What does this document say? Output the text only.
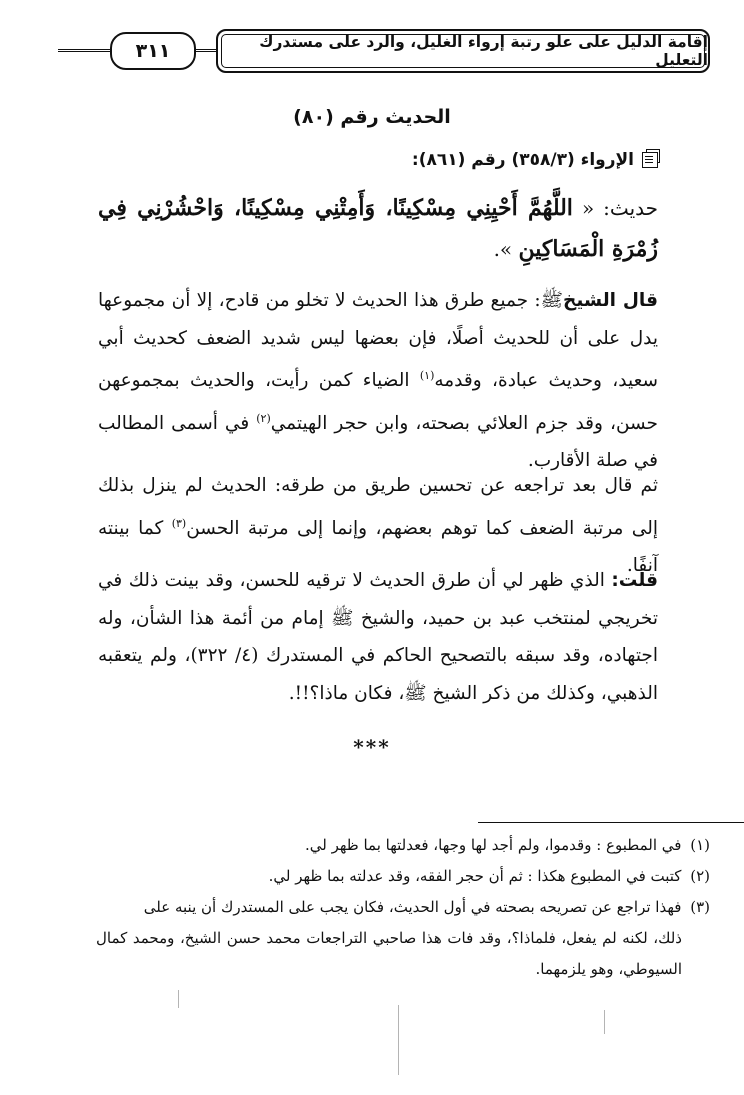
٣١١	إقامة الدليل على علو رتبة إرواء الغليل، والرد على مستدرك التعليل
الحديث رقم (٨٠)
الإرواء (٣٥٨/٣) رقم (٨٦١):
حديث: « اللَّهُمَّ أَحْيِنِي مِسْكِينًا، وَأَمِتْنِي مِسْكِينًا، وَاحْشُرْنِي فِي زُمْرَةِ الْمَسَاكِينِ ».
قال الشيخﷺ: جميع طرق هذا الحديث لا تخلو من قادح، إلا أن مجموعها يدل على أن للحديث أصلًا، فإن بعضها ليس شديد الضعف كحديث أبي سعيد، وحديث عبادة، وقدمه$^{(١)}$ الضياء كمن رأيت، والحديث بمجموعهن حسن، وقد جزم العلائي بصحته، وابن حجر الهيتمي$^{(٢)}$ في أسمى المطالب في صلة الأقارب.
ثم قال بعد تراجعه عن تحسين طريق من طرقه: الحديث لم ينزل بذلك إلى مرتبة الضعف كما توهم بعضهم، وإنما إلى مرتبة الحسن$^{(٣)}$ كما بينته آنفًا.
قلت: الذي ظهر لي أن طرق الحديث لا ترقيه للحسن، وقد بينت ذلك في تخريجي لمنتخب عبد بن حميد، والشيخ ﷺ إمام من أئمة هذا الشأن، وله اجتهاده، وقد سبقه بالتصحيح الحاكم في المستدرك (٤/ ٣٢٢)، ولم يتعقبه الذهبي، وكذلك من ذكر الشيخ ﷺ، فكان ماذا؟!!.
***

(١) في المطبوع : وقدموا، ولم أجد لها وجها، فعدلتها بما ظهر لي.

(٢) كتبت في المطبوع هكذا : ثم أن حجر الفقه، وقد عدلته بما ظهر لي.

(٣) فهذا تراجع عن تصريحه بصحته في أول الحديث، فكان يجب على المستدرك أن ينبه على

ذلك، لكنه لم يفعل، فلماذا؟، وقد فات هذا صاحبي التراجعات محمد حسن الشيخ، ومحمد كمال السيوطي، وهو يلزمهما.
